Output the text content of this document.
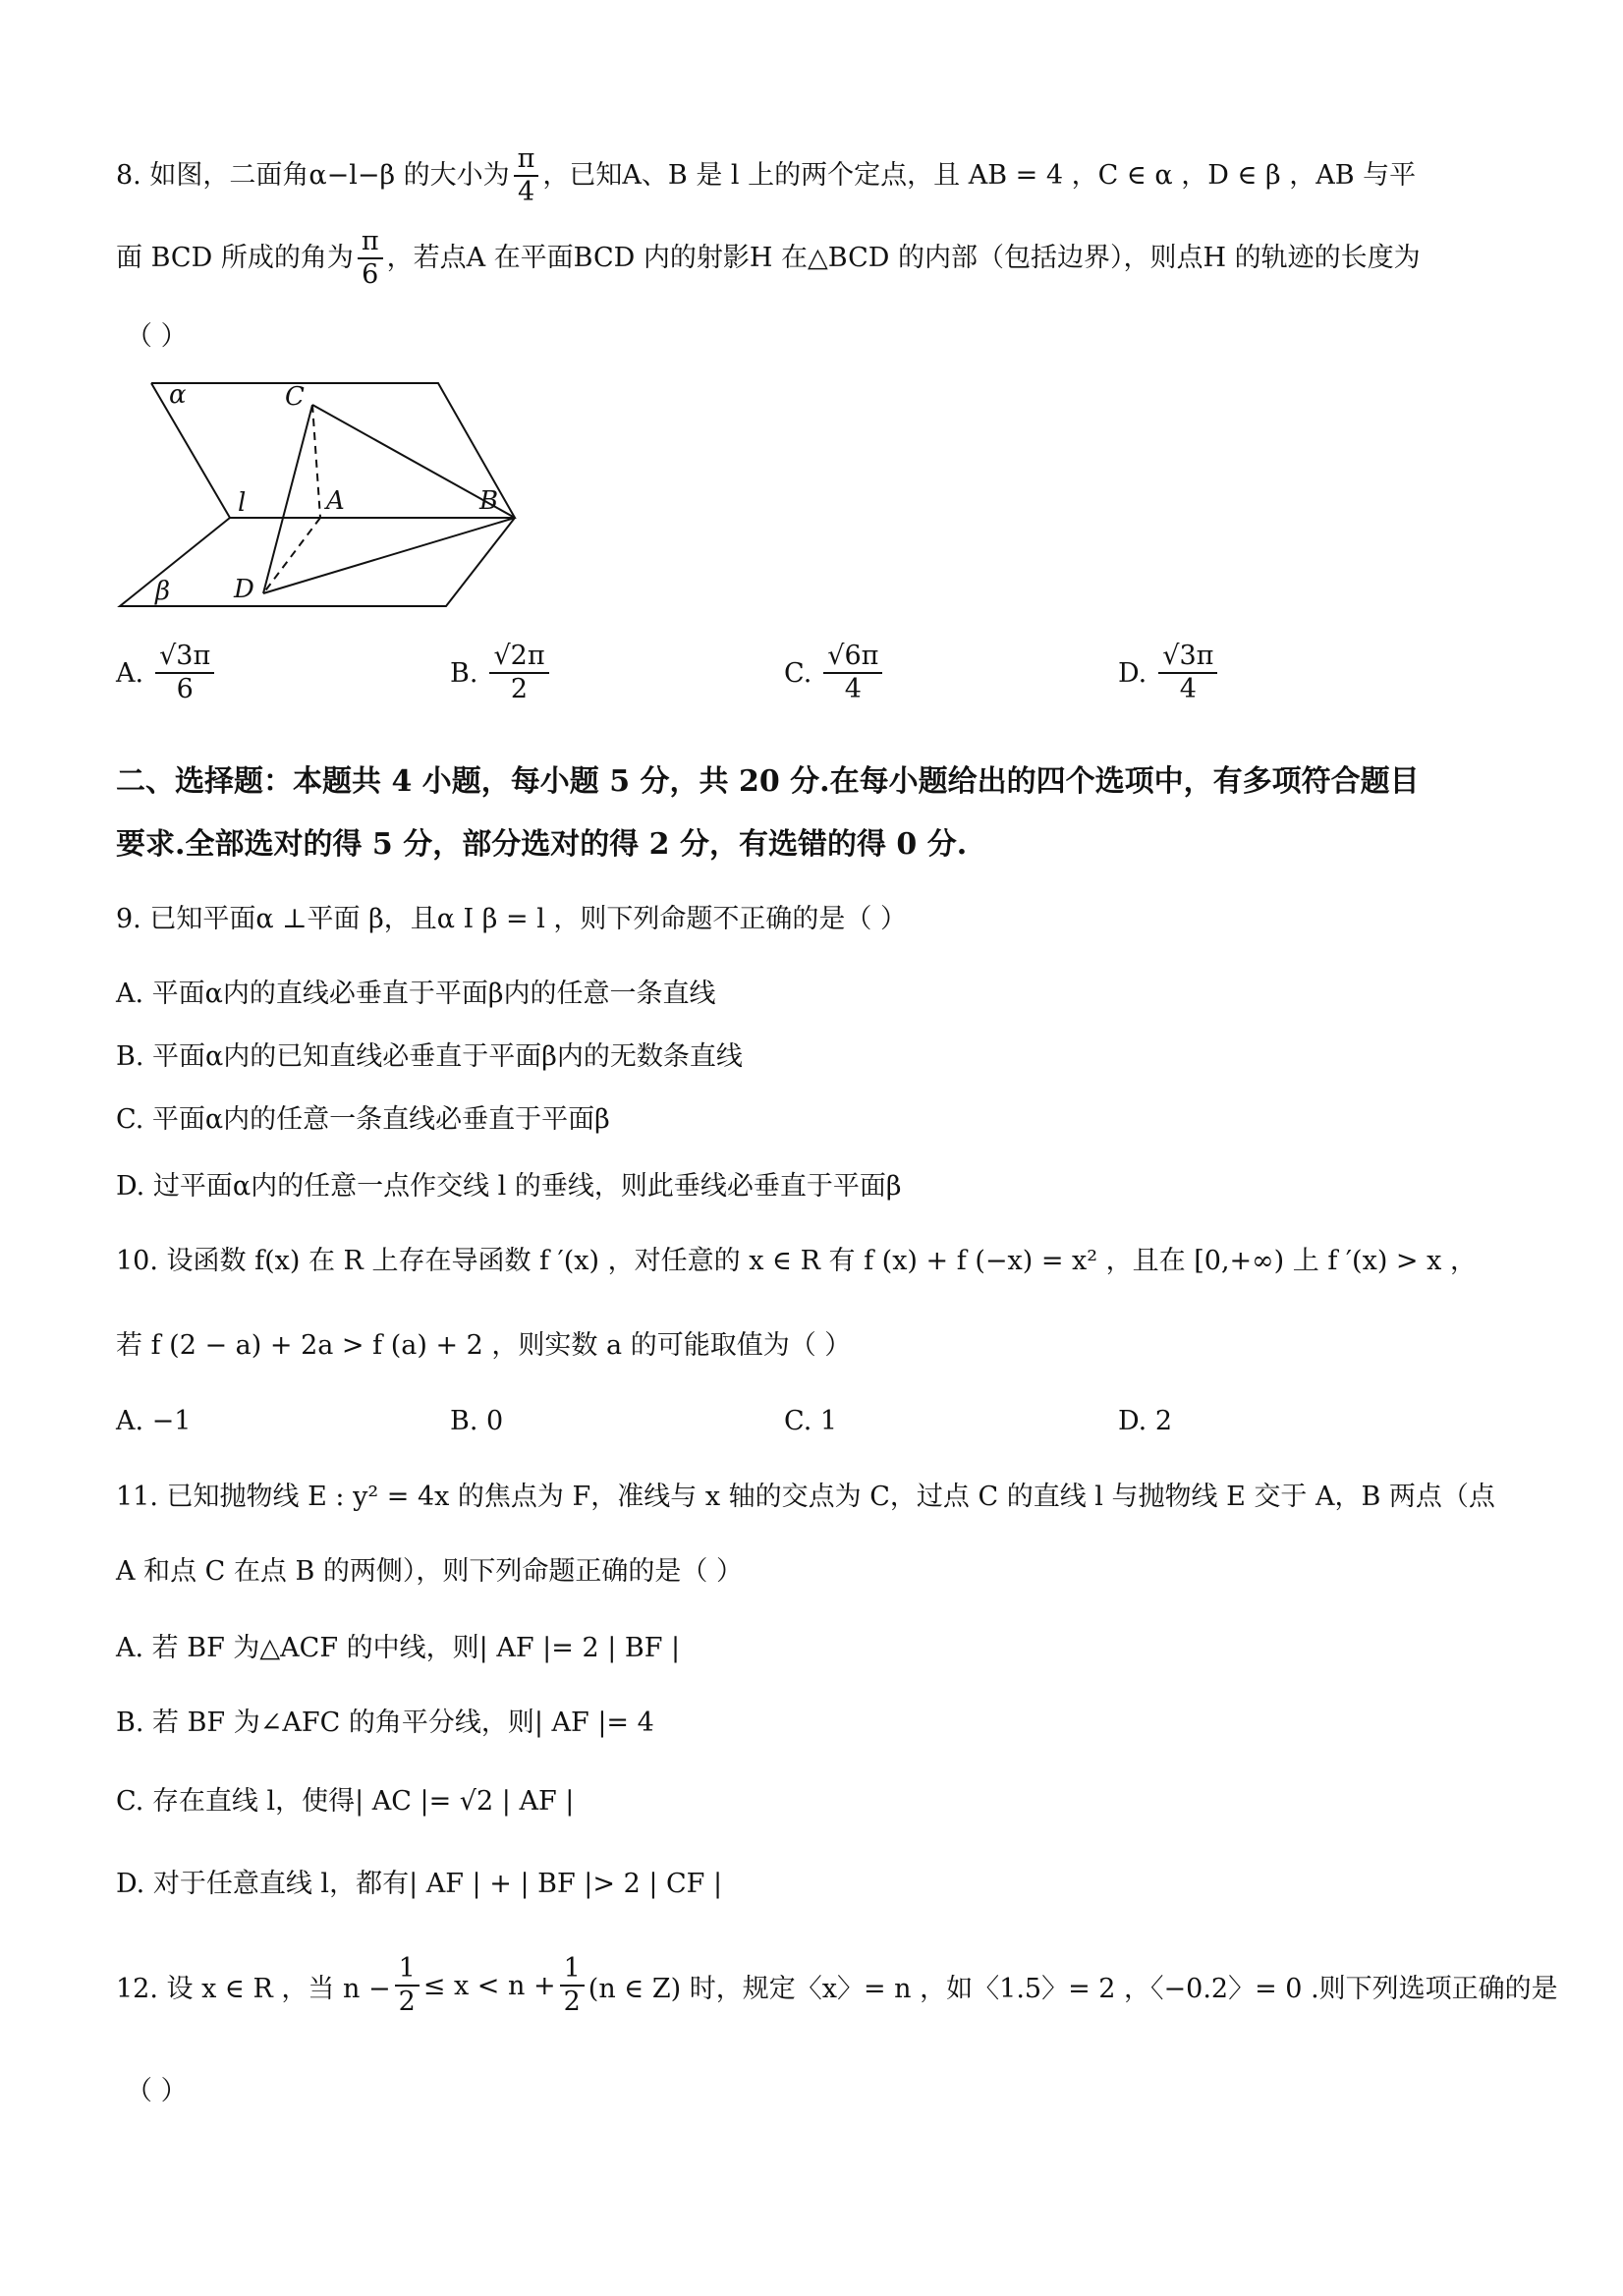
8. 如图，二面角α−l−β 的大小为 $\frac{\pi}{4}$ ，已知A、B 是 l 上的两个定点，且 AB = 4 ，C ∈ α ，D ∈ β ，AB 与平
面 BCD 所成的角为 $\frac{\pi}{6}$ ，若点A 在平面BCD 内的射影H 在△BCD 的内部（包括边界），则点H 的轨迹的长度为
（ ）
α	C
l	A	B
β D
A. $\frac{√3\pi}{6}$	B. $\frac{√2\pi}{2}$	C. $\frac{√6\pi}{4}$	D. $\frac{√3\pi}{4}$
二、选择题：本题共 4 小题，每小题 5 分，共 20 分.在每小题给出的四个选项中，有多项符合题目
要求.全部选对的得 5 分，部分选对的得 2 分，有选错的得 0 分.
9. 已知平面α ⊥平面 β，且α I β = l ，则下列命题不正确的是（ ）
A. 平面α内的直线必垂直于平面β内的任意一条直线
B. 平面α内的已知直线必垂直于平面β内的无数条直线
C. 平面α内的任意一条直线必垂直于平面β
D. 过平面α内的任意一点作交线 l 的垂线，则此垂线必垂直于平面β
10. 设函数 f(x) 在 R 上存在导函数 f ′(x) ，对任意的 x ∈ R 有 f (x) + f (−x) = x² ，且在 [0,+∞) 上 f ′(x) > x ，
若 f (2 − a) + 2a > f (a) + 2 ，则实数 a 的可能取值为（ ）
A. −1	B. 0	C. 1	D. 2
11. 已知抛物线 E : y² = 4x 的焦点为 F，准线与 x 轴的交点为 C，过点 C 的直线 l 与抛物线 E 交于 A，B 两点（点
A 和点 C 在点 B 的两侧），则下列命题正确的是（ ）
A. 若 BF 为△ACF 的中线，则| AF |= 2 | BF |
B. 若 BF 为∠AFC 的角平分线，则| AF |= 4
C. 存在直线 l，使得| AC |= √2 | AF |
D. 对于任意直线 l，都有| AF | + | BF |> 2 | CF |
12. 设 x ∈ R ，当 $n - \frac{1}{2} \le x < n + \frac{1}{2} (n$ ∈ Z) 时，规定〈x〉= n ，如〈1.5〉= 2 ，〈−0.2〉= 0 .则下列选项正确的是
（ ）
